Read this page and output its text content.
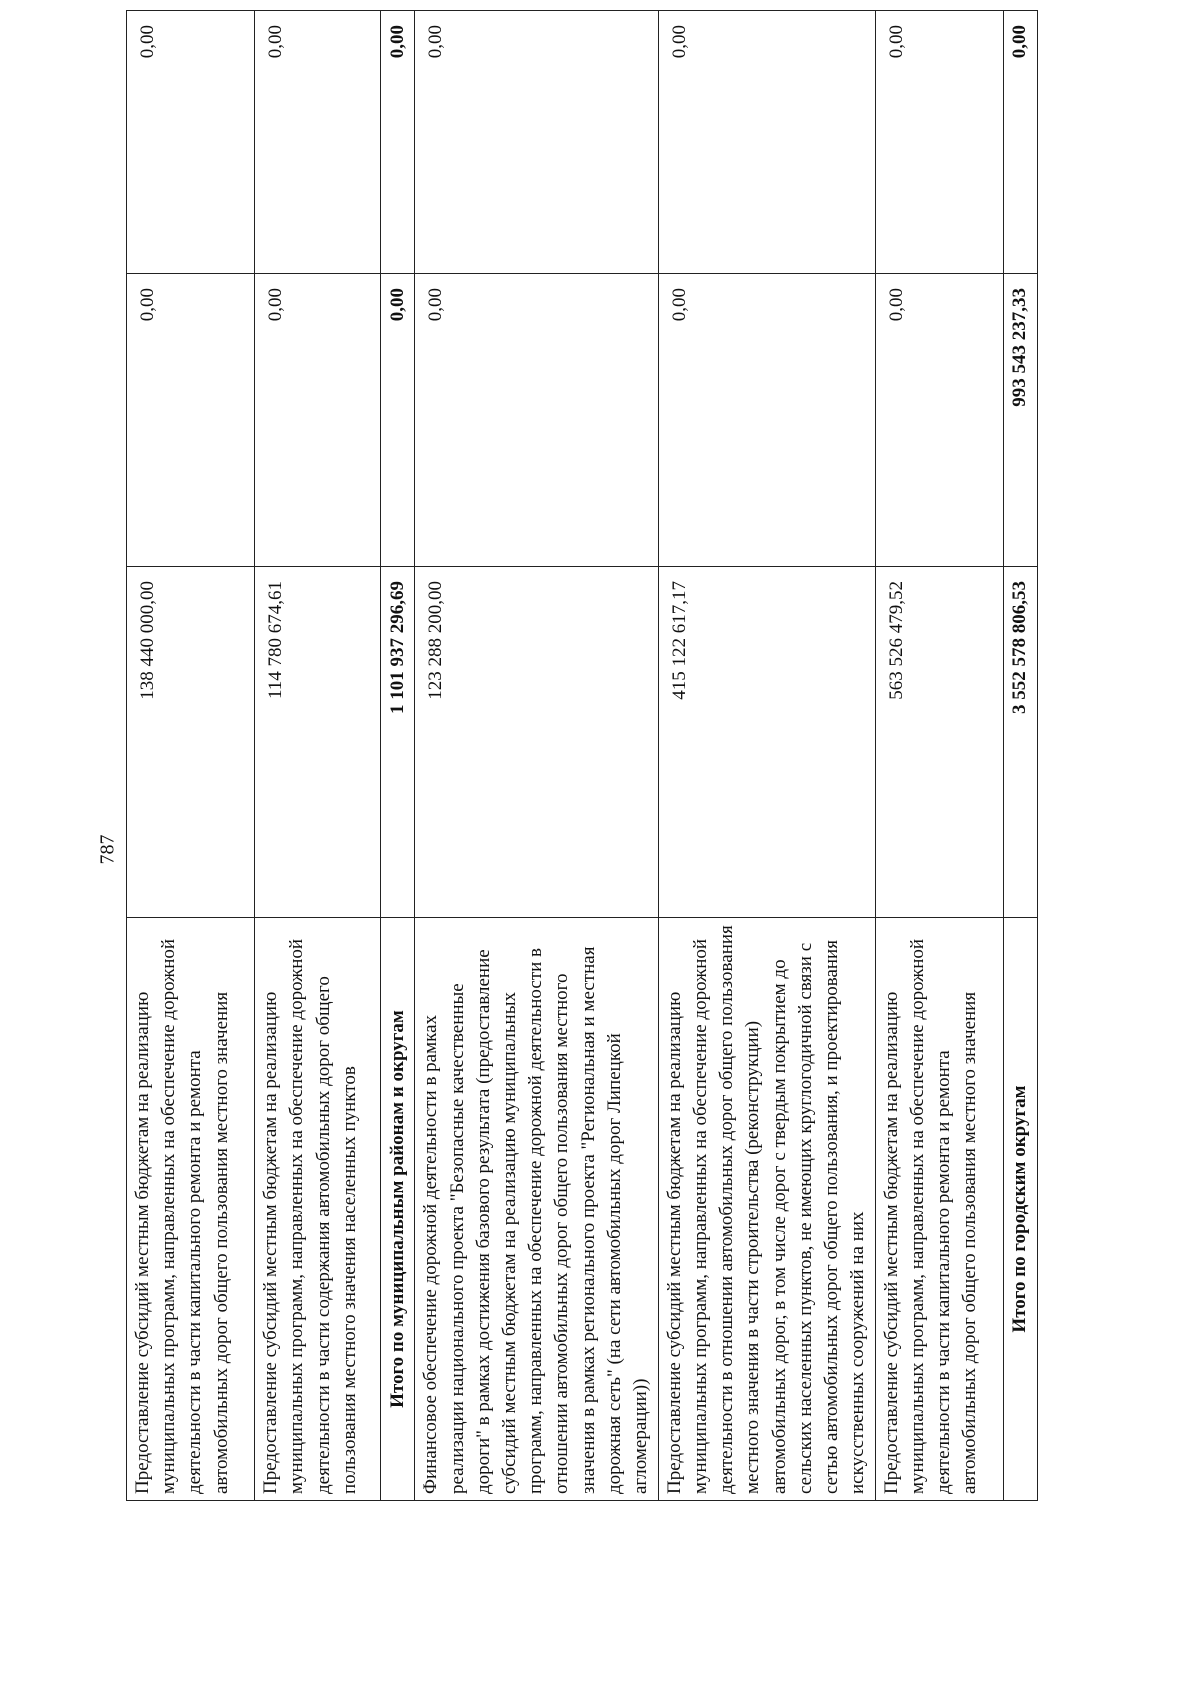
787
Предоставление субсидий местным бюджетам на реализацию муниципальных программ, направленных на обеспечение дорожной деятельности в части капитального ремонта и ремонта автомобильных дорог общего пользования местного значения	138 440 000,00	0,00	0,00
Предоставление субсидий местным бюджетам на реализацию муниципальных программ, направленных на обеспечение дорожной деятельности в части содержания автомобильных дорог общего пользования местного значения населенных пунктов	114 780 674,61	0,00	0,00
Итого по муниципальным районам и округам	1 101 937 296,69	0,00	0,00
Финансовое обеспечение дорожной деятельности в рамках реализации национального проекта "Безопасные качественные дороги" в рамках достижения базового результата (предоставление субсидий местным бюджетам на реализацию муниципальных программ, направленных на обеспечение дорожной деятельности в отношении автомобильных дорог общего пользования местного значения в рамках регионального проекта "Региональная и местная дорожная сеть" (на сети автомобильных дорог Липецкой агломерации))	123 288 200,00	0,00	0,00
Предоставление субсидий местным бюджетам на реализацию муниципальных программ, направленных на обеспечение дорожной деятельности в отношении автомобильных дорог общего пользования местного значения в части строительства (реконструкции) автомобильных дорог, в том числе дорог с твердым покрытием до сельских населенных пунктов, не имеющих круглогодичной связи с сетью автомобильных дорог общего пользования, и проектирования искусственных сооружений на них	415 122 617,17	0,00	0,00
Предоставление субсидий местным бюджетам на реализацию муниципальных программ, направленных на обеспечение дорожной деятельности в части капитального ремонта и ремонта автомобильных дорог общего пользования местного значения	563 526 479,52	0,00	0,00
Итого по городским округам	3 552 578 806,53	993 543 237,33	0,00
